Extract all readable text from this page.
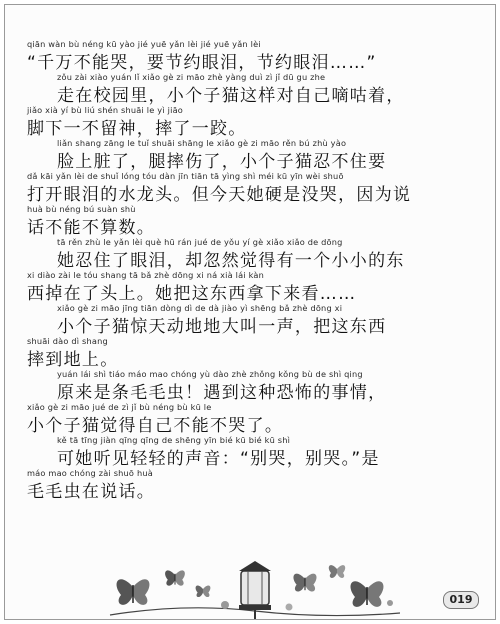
qiān wàn bù néng kū yào jié yuē yǎn lèi jié yuē yǎn lèi
“千万不能哭，要节约眼泪，节约眼泪……”
zǒu zài xiào yuán lǐ xiǎo gè zi māo zhè yàng duì zì jǐ dū gu zhe
走在校园里，小个子猫这样对自己嘀咕着，
jiǎo xià yí bù liú shén shuāi le yì jiāo
脚下一不留神，摔了一跤。
liǎn shang zāng le tuǐ shuāi shāng le xiǎo gè zi māo rěn bú zhù yào
脸上脏了，腿摔伤了，小个子猫忍不住要
dǎ kāi yǎn lèi de shuǐ lóng tóu dàn jīn tiān tā yìng shì méi kū yīn wèi shuō
打开眼泪的水龙头。但今天她硬是没哭，因为说
huà bù néng bú suàn shù
话不能不算数。
tā rěn zhù le yǎn lèi què hū rán jué de yǒu yí gè xiǎo xiǎo de dōng
她忍住了眼泪，却忽然觉得有一个小小的东
xi diào zài le tóu shang tā bǎ zhè dōng xi ná xià lái kàn
西掉在了头上。她把这东西拿下来看……
xiǎo gè zi māo jīng tiān dòng dì de dà jiào yì shēng bǎ zhè dōng xi
小个子猫惊天动地地大叫一声，把这东西
shuāi dào dì shang
摔到地上。
yuán lái shì tiáo máo mao chóng yù dào zhè zhǒng kǒng bù de shì qing
原来是条毛毛虫！遇到这种恐怖的事情，
xiǎo gè zi māo jué de zì jǐ bù néng bù kū le
小个子猫觉得自己不能不哭了。
kě tā tīng jiàn qīng qīng de shēng yīn bié kū bié kū shì
可她听见轻轻的声音：“别哭，别哭。”是
máo mao chóng zài shuō huà
毛毛虫在说话。
019
